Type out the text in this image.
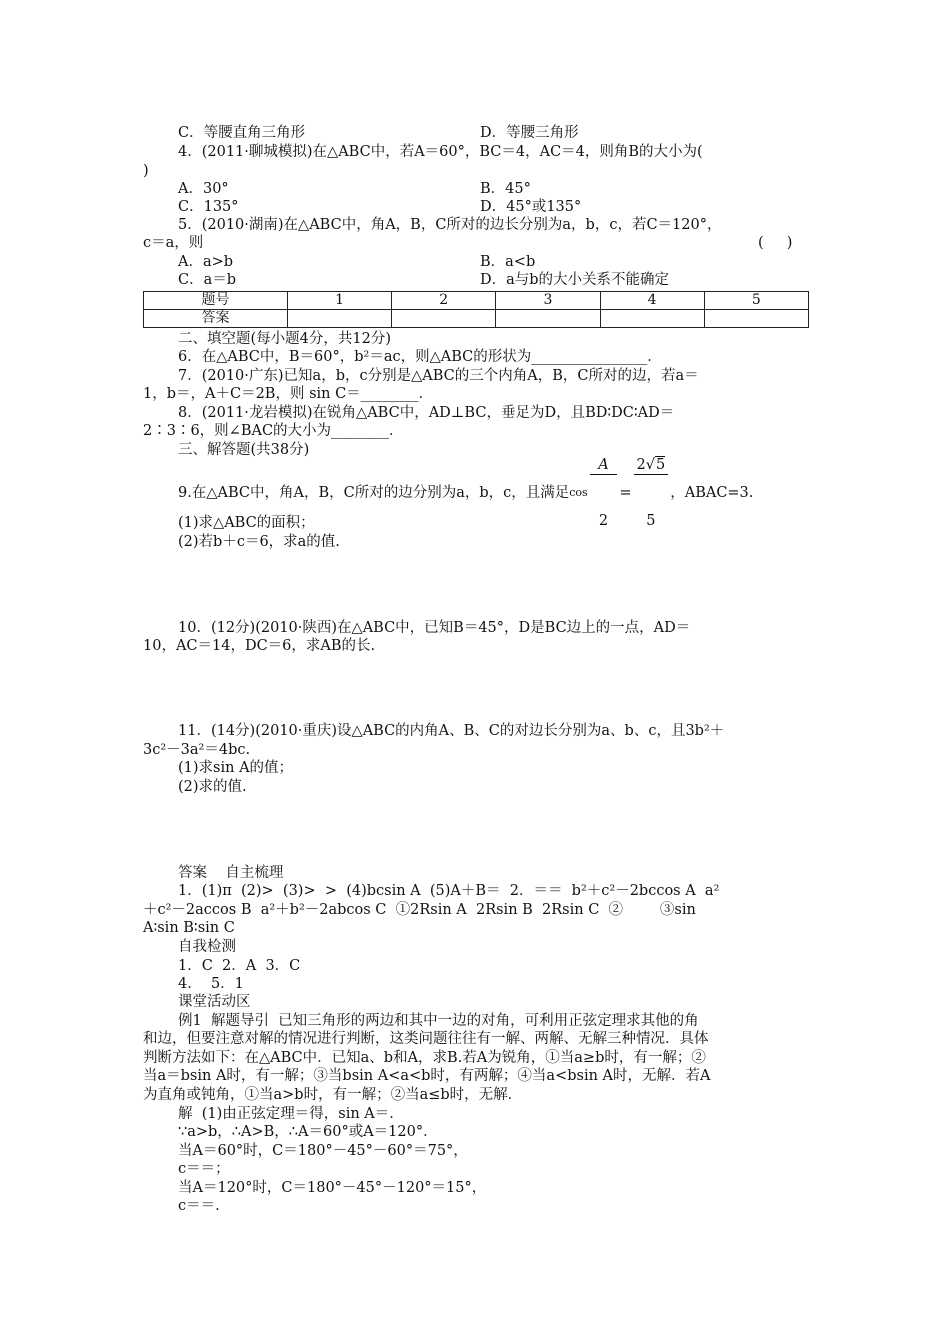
C．等腰直角三角形	D．等腰三角形
4．(2011·聊城模拟)在△ABC中，若A＝60°，BC＝4，AC＝4，则角B的大小为(
)
A．30°	B．45°
C．135°	D．45°或135°
5．(2010·湖南)在△ABC中，角A，B，C所对的边长分别为a，b，c，若C＝120°，
c＝a，则	(     )
A．a>b	B．a<b
C．a＝b	D．a与b的大小关系不能确定
题号	1	2	3	4	5
答案					
二、填空题(每小题4分，共12分)
6．在△ABC中，B＝60°，b²＝ac，则△ABC的形状为________________．
7．(2010·广东)已知a，b，c分别是△ABC的三个内角A，B，C所对的边，若a＝
1，b＝，A＋C＝2B，则 sin C＝________．
8．(2011·龙岩模拟)在锐角△ABC中，AD⊥BC，垂足为D，且BD∶DC∶AD＝
2∶3∶6，则∠BAC的大小为________．
三、解答题(共38分)
9.在△ABC中，角A，B，C所对的边分别为a，b，c，且满足 cos

$\frac{A}{2}$

=

$\frac{2√5}{5}$

，ABAC=3.
(1)求△ABC的面积；
(2)若b＋c＝6，求a的值.
10．(12分)(2010·陕西)在△ABC中，已知B＝45°，D是BC边上的一点，AD＝
10，AC＝14，DC＝6，求AB的长.
11．(14分)(2010·重庆)设△ABC的内角A、B、C的对边长分别为a、b、c，且3b²＋
3c²－3a²＝4bc.
(1)求sin A的值；
(2)求的值.
答案    自主梳理
1．(1)π  (2)>  (3)>  >  (4)bcsin A  (5)A＋B＝  2．＝＝  b²＋c²－2bccos A  a²
＋c²－2accos B  a²＋b²－2abcos C  ①2Rsin A  2Rsin B  2Rsin C  ②        ③sin
A∶sin B∶sin C
自我检测
1．C  2．A  3．C
4．  5．1
课堂活动区
例1  解题导引  已知三角形的两边和其中一边的对角，可利用正弦定理求其他的角
和边，但要注意对解的情况进行判断，这类问题往往有一解、两解、无解三种情况．具体
判断方法如下：在△ABC中．已知a、b和A，求B.若A为锐角，①当a≥b时，有一解；②
当a＝bsin A时，有一解；③当bsin A<a<b时，有两解；④当a<bsin A时，无解．若A
为直角或钝角，①当a>b时，有一解；②当a≤b时，无解．
解  (1)由正弦定理＝得，sin A＝．
∵a>b，∴A>B，∴A＝60°或A＝120°．
当A＝60°时，C＝180°－45°－60°＝75°，
c＝＝；
当A＝120°时，C＝180°－45°－120°＝15°，
c＝＝.
